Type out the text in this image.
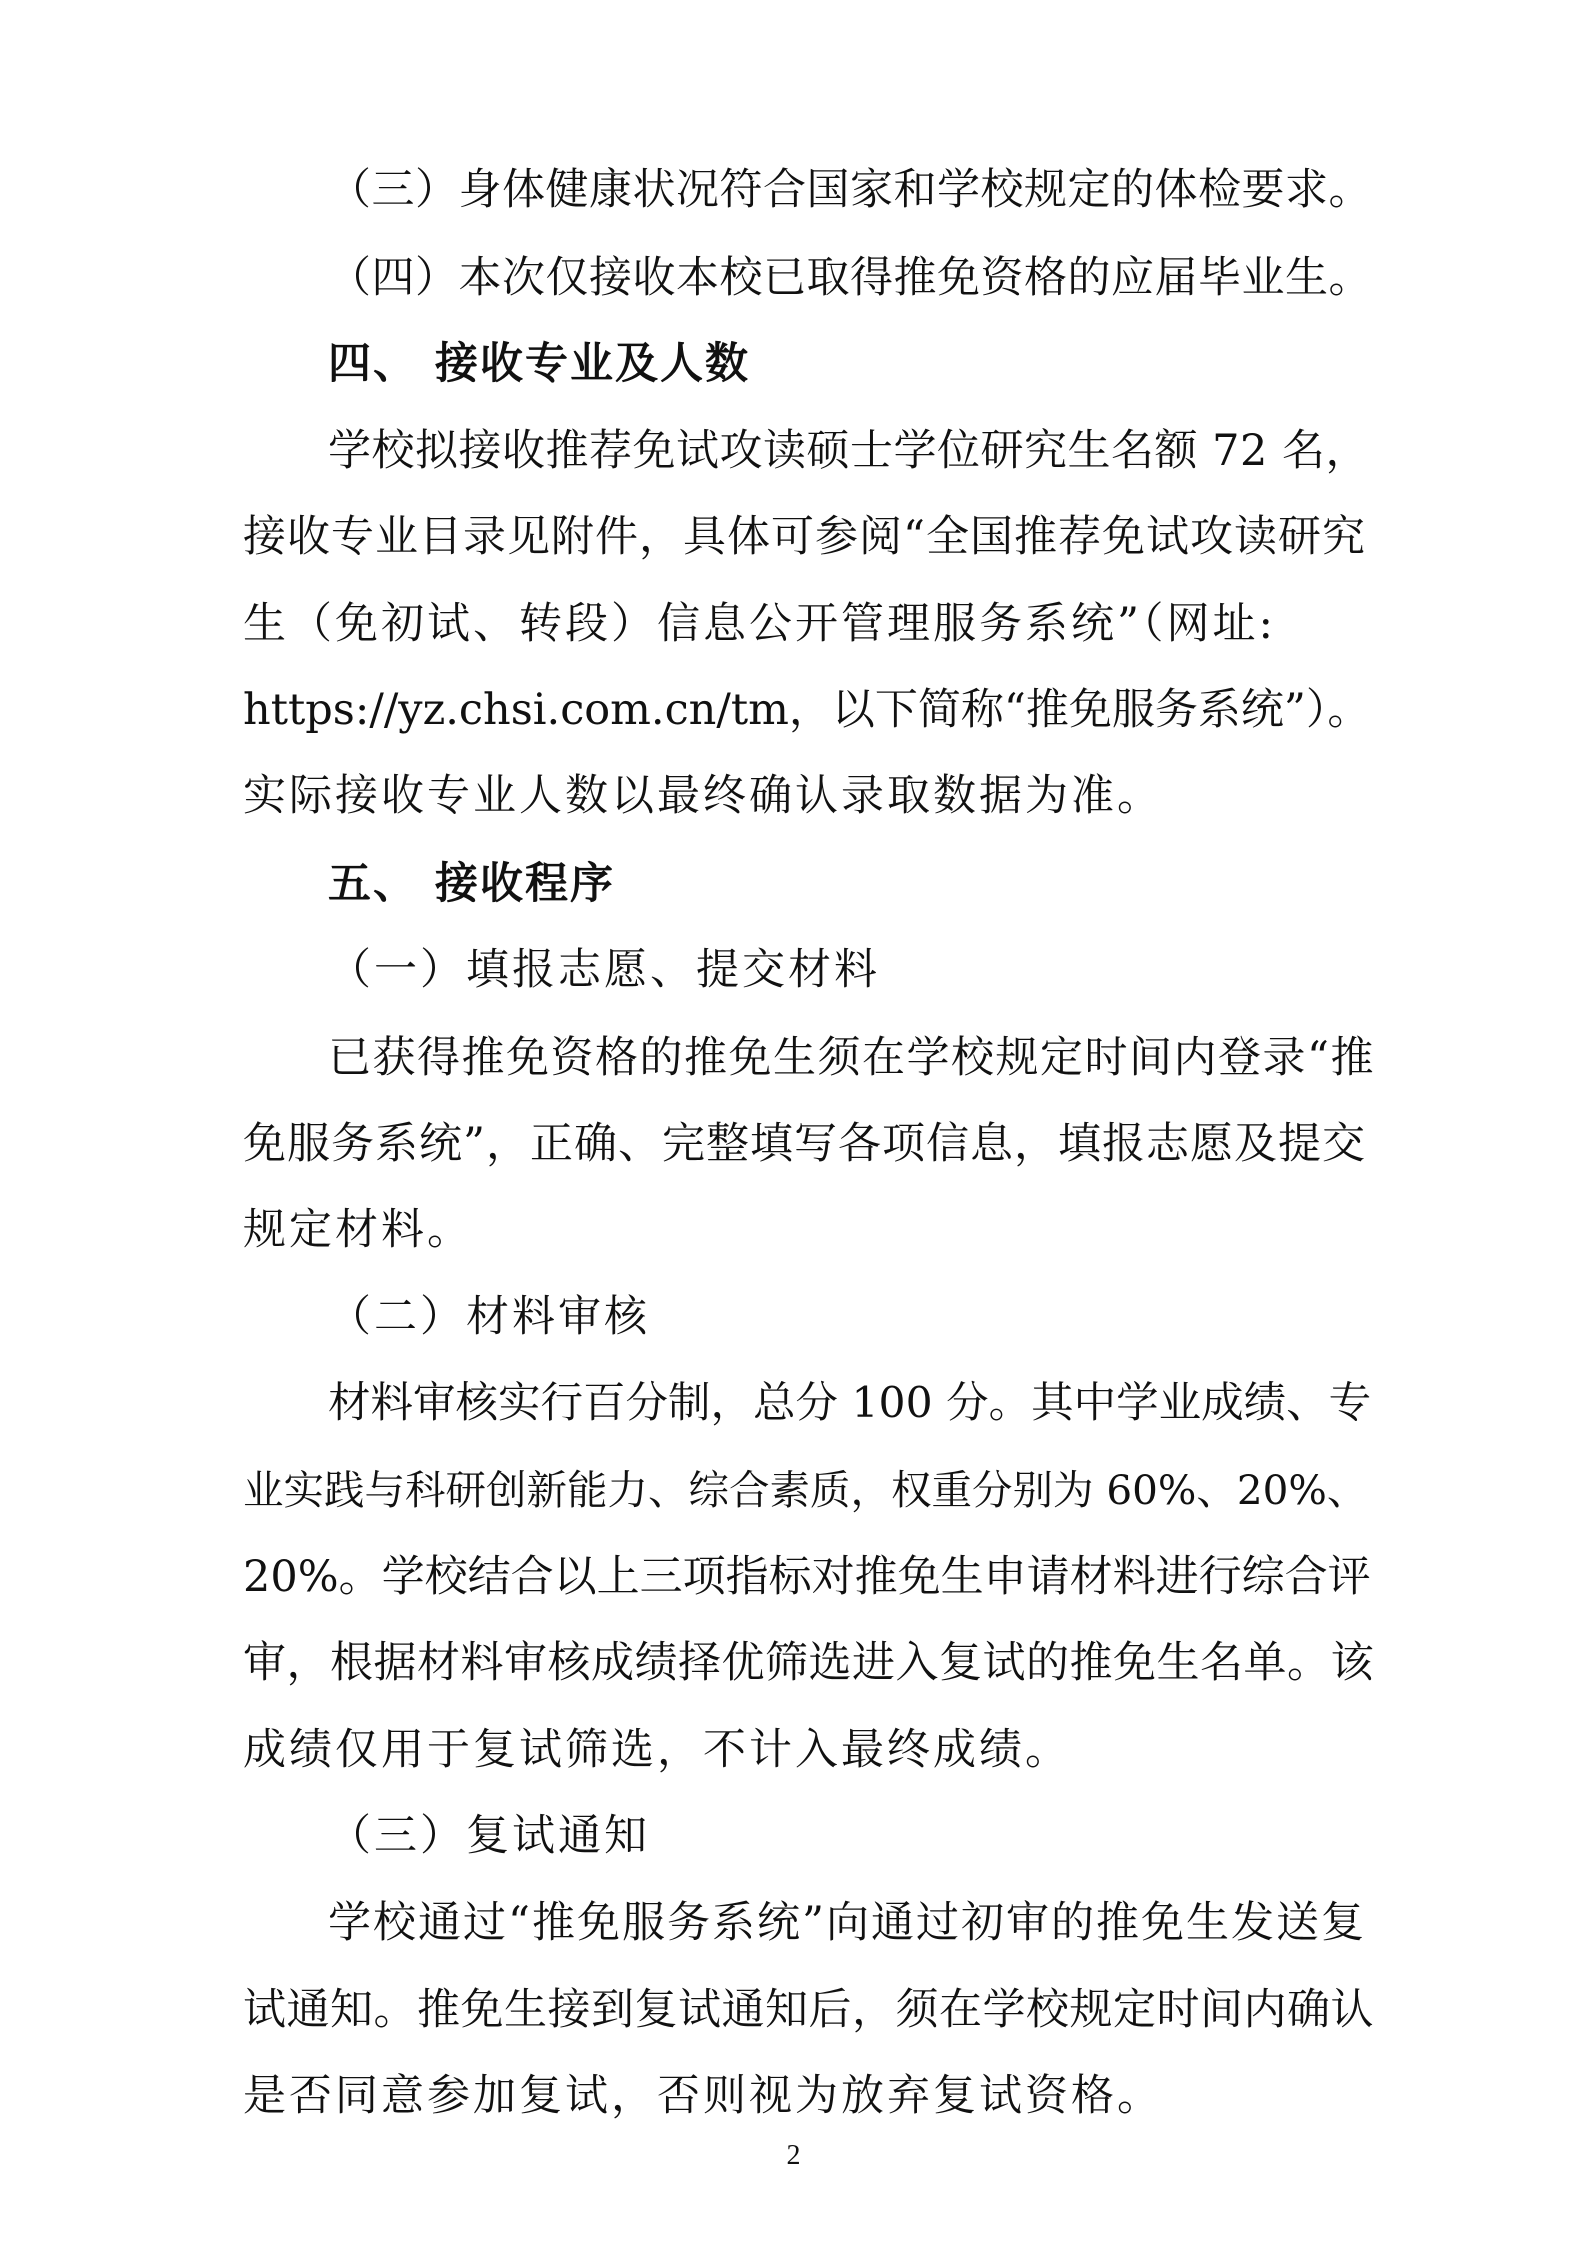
（三）身体健康状况符合国家和学校规定的体检要求。
（四）本次仅接收本校已取得推免资格的应届毕业生。
四、 接收专业及人数
学校拟接收推荐免试攻读硕士学位研究生名额 72 名，
接收专业目录见附件，具体可参阅“全国推荐免试攻读研究
生（免初试、转段）信息公开管理服务系统”（网址:
https://yz.chsi.com.cn/tm，以下简称“推免服务系统”）。
实际接收专业人数以最终确认录取数据为准。
五、 接收程序
（一）填报志愿、提交材料
已获得推免资格的推免生须在学校规定时间内登录“推
免服务系统”，正确、完整填写各项信息，填报志愿及提交
规定材料。
（二）材料审核
材料审核实行百分制，总分 100 分。其中学业成绩、专
业实践与科研创新能力、综合素质，权重分别为 60%、20%、
20%。学校结合以上三项指标对推免生申请材料进行综合评
审，根据材料审核成绩择优筛选进入复试的推免生名单。该
成绩仅用于复试筛选，不计入最终成绩。
（三）复试通知
学校通过“推免服务系统”向通过初审的推免生发送复
试通知。推免生接到复试通知后，须在学校规定时间内确认
是否同意参加复试，否则视为放弃复试资格。
2
